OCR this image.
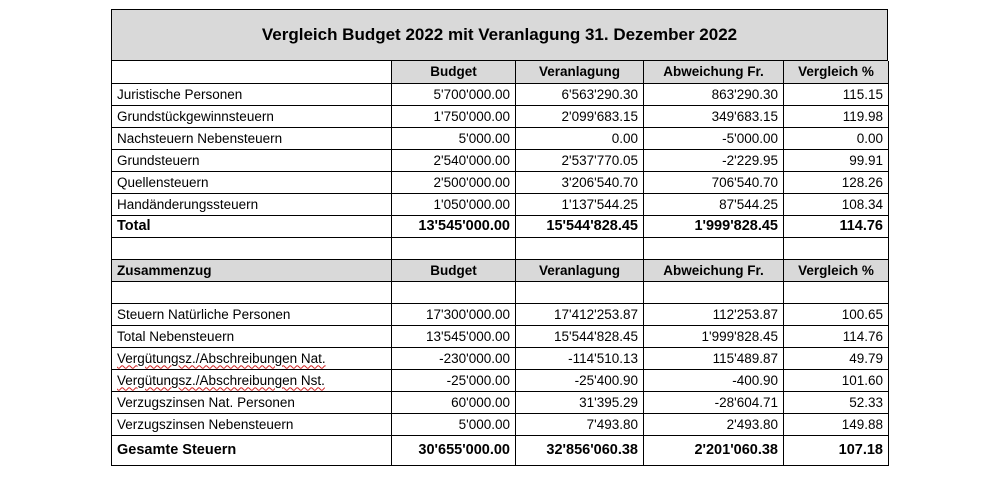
Vergleich Budget 2022 mit Veranlagung 31. Dezember 2022
	Budget	Veranlagung	Abweichung Fr.	Vergleich %
Juristische Personen	5'700'000.00	6'563'290.30	863'290.30	115.15
Grundstückgewinnsteuern	1'750'000.00	2'099'683.15	349'683.15	119.98
Nachsteuern Nebensteuern	5'000.00	0.00	-5'000.00	0.00
Grundsteuern	2'540'000.00	2'537'770.05	-2'229.95	99.91
Quellensteuern	2'500'000.00	3'206'540.70	706'540.70	128.26
Handänderungssteuern	1'050'000.00	1'137'544.25	87'544.25	108.34
Total	13'545'000.00	15'544'828.45	1'999'828.45	114.76

Zusammenzug	Budget	Veranlagung	Abweichung Fr.	Vergleich %

Steuern Natürliche Personen	17'300'000.00	17'412'253.87	112'253.87	100.65
Total Nebensteuern	13'545'000.00	15'544'828.45	1'999'828.45	114.76
Vergütungsz./Abschreibungen Nat.	-230'000.00	-114'510.13	115'489.87	49.79
Vergütungsz./Abschreibungen Nst.	-25'000.00	-25'400.90	-400.90	101.60
Verzugszinsen Nat. Personen	60'000.00	31'395.29	-28'604.71	52.33
Verzugszinsen Nebensteuern	5'000.00	7'493.80	2'493.80	149.88
Gesamte Steuern	30'655'000.00	32'856'060.38	2'201'060.38	107.18
